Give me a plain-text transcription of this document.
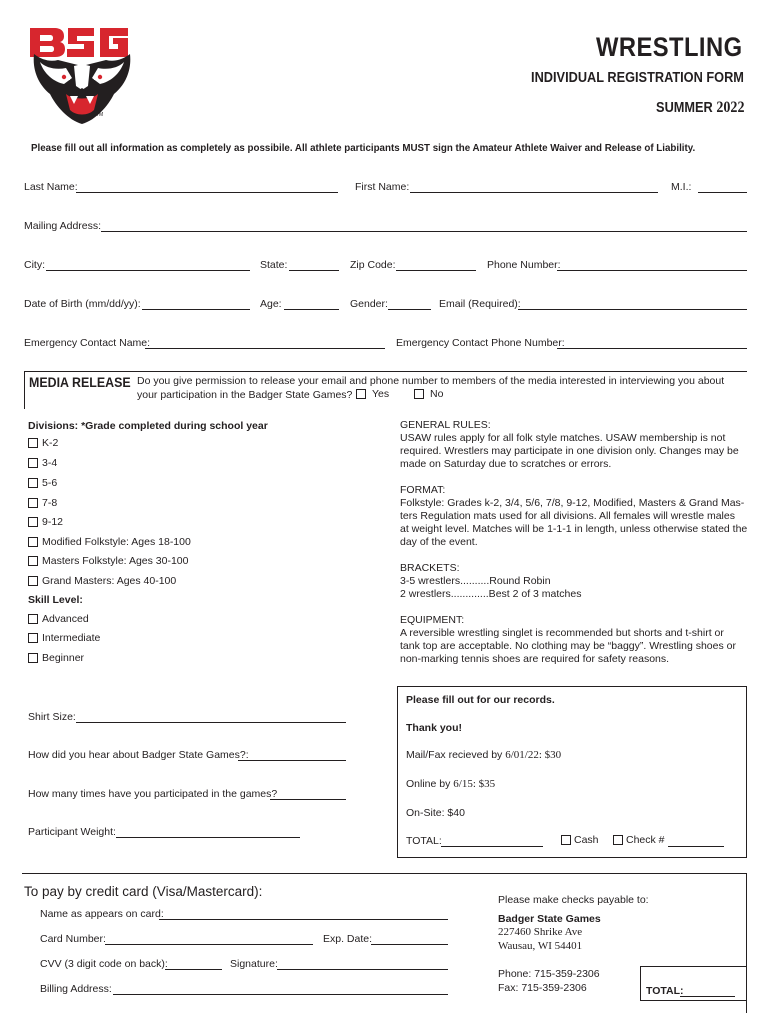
TM
WRESTLING
INDIVIDUAL REGISTRATION FORM
SUMMER 2022
Please fill out all information as completely as possibile. All athlete participants MUST sign the Amateur Athlete Waiver and Release of Liability.
Last Name:	First Name:	M.I.:
Mailing Address:
City:	State:	Zip Code:	Phone Number:
Date of Birth (mm/dd/yy):	Age:	Gender:	Email (Required):
Emergency Contact Name:	Emergency Contact Phone Number:
MEDIA RELEASE Do you give permission to release your email and phone number to members of the media interested in interviewing you about
your participation in the Badger State Games? Yes	No
Divisions: *Grade completed during school year
K-2
3-4
5-6
7-8
9-12
Modified Folkstyle: Ages 18-100
Masters Folkstyle: Ages 30-100
Grand Masters: Ages 40-100
Skill Level:
Advanced
Intermediate
Beginner
GENERAL RULES:
USAW rules apply for all folk style matches. USAW membership is not
required. Wrestlers may participate in one division only. Changes may be
made on Saturday due to scratches or errors.
FORMAT:
Folkstyle: Grades k-2, 3/4, 5/6, 7/8, 9-12, Modified, Masters & Grand Mas-
ters Regulation mats used for all divisions. All females will wrestle males
at weight level. Matches will be 1-1-1 in length, unless otherwise stated the
day of the event.
BRACKETS:
3-5 wrestlers..........Round Robin
2 wrestlers.............Best 2 of 3 matches
EQUIPMENT:
A reversible wrestling singlet is recommended but shorts and t-shirt or
tank top are acceptable. No clothing may be “baggy”. Wrestling shoes or
non-marking tennis shoes are required for safety reasons.
Shirt Size:
How did you hear about Badger State Games?:
How many times have you participated in the games?
Participant Weight:
Please fill out for our records.
Thank you!
Mail/Fax recieved by 6/01/22: $30
Online by 6/15: $35
On-Site: $40
TOTAL:	Cash	Check #
To pay by credit card (Visa/Mastercard):
Name as appears on card:
Card Number:	Exp. Date:
CVV (3 digit code on back):	Signature:
Billing Address:
Please make checks payable to:
Badger State Games
227460 Shrike Ave
Wausau, WI 54401
Phone: 715-359-2306
Fax: 715-359-2306	TOTAL:
